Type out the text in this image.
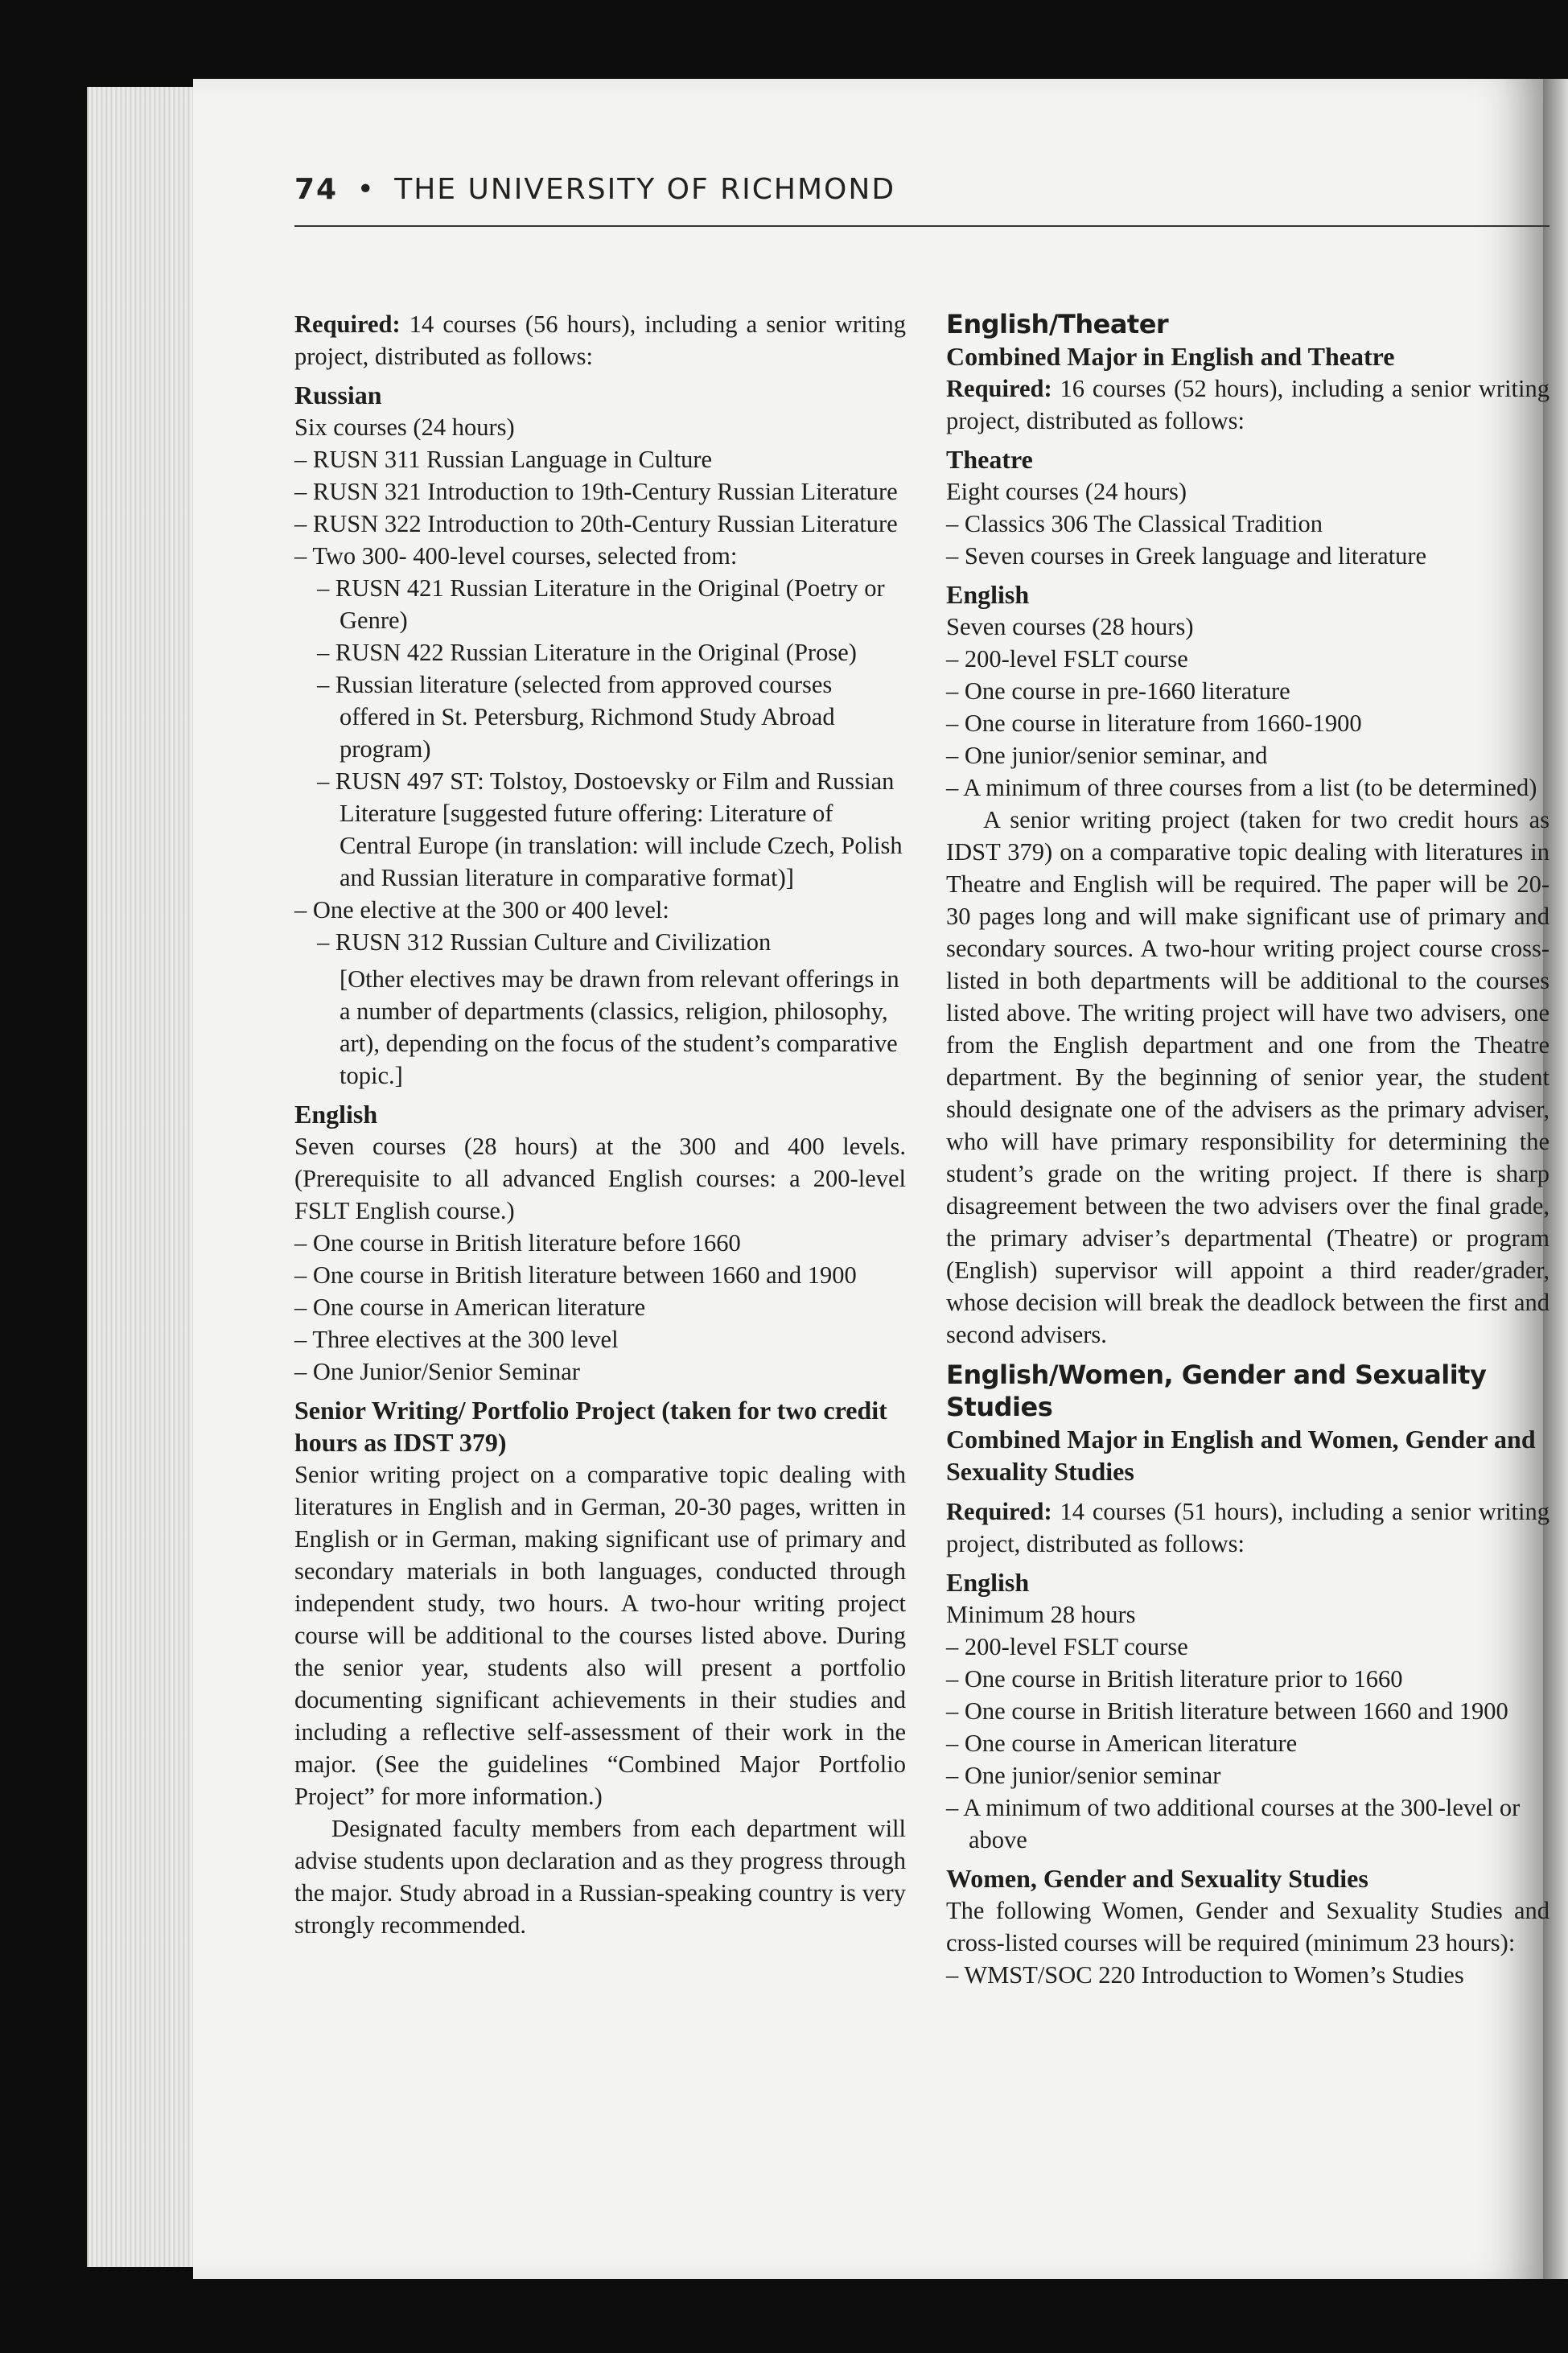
74 • THE UNIVERSITY OF RICHMOND

Required: 14 courses (56 hours), including a senior writing project, distributed as follows:

Russian

Six courses (24 hours)

– RUSN 311 Russian Language in Culture

– RUSN 321 Introduction to 19th-Century Russian Literature

– RUSN 322 Introduction to 20th-Century Russian Literature

– Two 300- 400-level courses, selected from:

– RUSN 421 Russian Literature in the Original (Poetry or Genre)

– RUSN 422 Russian Literature in the Original (Prose)

– Russian literature (selected from approved courses offered in St. Petersburg, Richmond Study Abroad program)

– RUSN 497 ST: Tolstoy, Dostoevsky or Film and Russian Literature [suggested future offering: Literature of Central Europe (in translation: will include Czech, Polish and Russian literature in comparative format)]

– One elective at the 300 or 400 level:

– RUSN 312 Russian Culture and Civilization

[Other electives may be drawn from relevant offerings in a number of departments (classics, religion, philosophy, art), depending on the focus of the student’s comparative topic.]

English

Seven courses (28 hours) at the 300 and 400 levels. (Prerequisite to all advanced English courses: a 200-level FSLT English course.)

– One course in British literature before 1660

– One course in British literature between 1660 and 1900

– One course in American literature

– Three electives at the 300 level

– One Junior/Senior Seminar

Senior Writing/ Portfolio Project (taken for two credit hours as IDST 379)

Senior writing project on a comparative topic dealing with literatures in English and in German, 20-30 pages, written in English or in German, making significant use of primary and secondary materials in both languages, conducted through independent study, two hours. A two-hour writing project course will be additional to the courses listed above. During the senior year, students also will present a portfolio documenting significant achievements in their studies and including a reflective self-assessment of their work in the major. (See the guidelines “Combined Major Portfolio Project” for more information.)

Designated faculty members from each department will advise students upon declaration and as they progress through the major. Study abroad in a Russian-speaking country is very strongly recommended.

English/Theater

Combined Major in English and Theatre

Required: 16 courses (52 hours), including a senior writing project, distributed as follows:

Theatre

Eight courses (24 hours)

– Classics 306 The Classical Tradition

– Seven courses in Greek language and literature

English

Seven courses (28 hours)

– 200-level FSLT course

– One course in pre-1660 literature

– One course in literature from 1660-1900

– One junior/senior seminar, and

– A minimum of three courses from a list (to be determined)

A senior writing project (taken for two credit hours as IDST 379) on a comparative topic dealing with literatures in Theatre and English will be required. The paper will be 20-30 pages long and will make significant use of primary and secondary sources. A two-hour writing project course cross-listed in both departments will be additional to the courses listed above. The writing project will have two advisers, one from the English department and one from the Theatre department. By the beginning of senior year, the student should designate one of the advisers as the primary adviser, who will have primary responsibility for determining the student’s grade on the writing project. If there is sharp disagreement between the two advisers over the final grade, the primary adviser’s departmental (Theatre) or program (English) supervisor will appoint a third reader/grader, whose decision will break the deadlock between the first and second advisers.

English/Women, Gender and Sexuality Studies

Combined Major in English and Women, Gender and Sexuality Studies

Required: 14 courses (51 hours), including a senior writing project, distributed as follows:

English

Minimum 28 hours

– 200-level FSLT course

– One course in British literature prior to 1660

– One course in British literature between 1660 and 1900

– One course in American literature

– One junior/senior seminar

– A minimum of two additional courses at the 300-level or above

Women, Gender and Sexuality Studies

The following Women, Gender and Sexuality Studies and cross-listed courses will be required (minimum 23 hours):

– WMST/SOC 220 Introduction to Women’s Studies
